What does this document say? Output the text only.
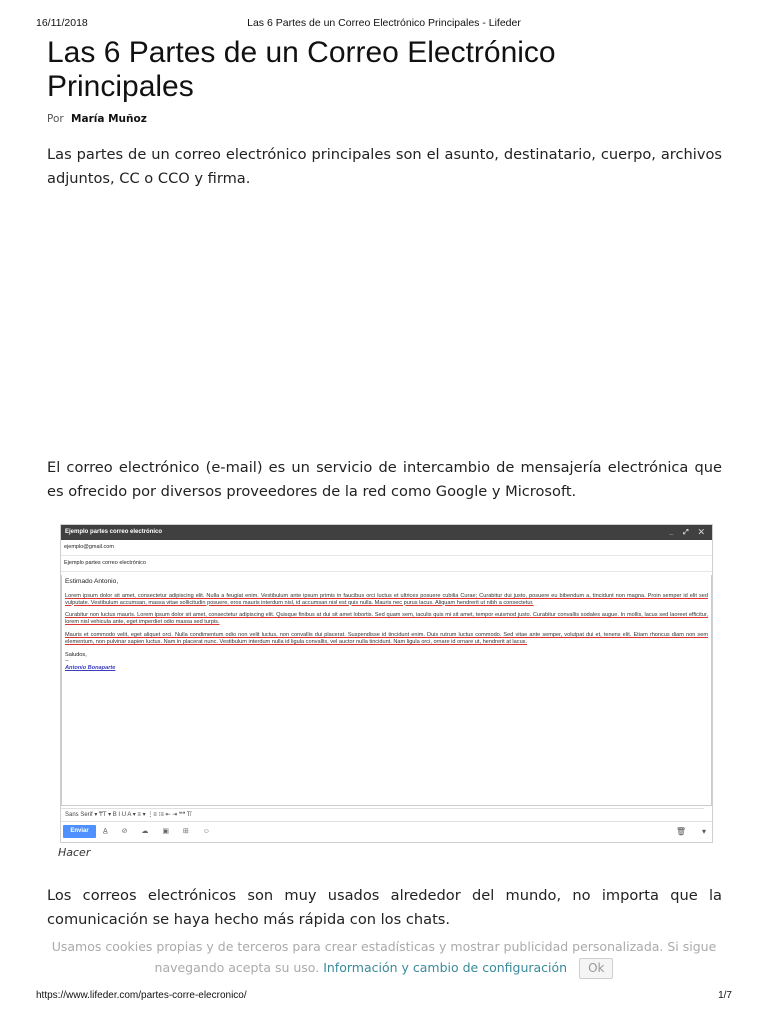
16/11/2018	Las 6 Partes de un Correo Electrónico Principales - Lifeder
Las 6 Partes de un Correo Electrónico Principales
Por María Muñoz

Las partes de un correo electrónico principales son el asunto, destinatario, cuerpo, archivos adjuntos, CC o CCO y firma.

El correo electrónico (e-mail) es un servicio de intercambio de mensajería electrónica que es ofrecido por diversos proveedores de la red como Google y Microsoft.

Ejemplo partes correo electrónico	_ ⤢ ✕
ejemplo@gmail.com
Ejemplo partes correo electrónico

Estimado Antonio,

Lorem ipsum dolor sit amet, consectetur adipiscing elit. Nulla a feugiat enim. Vestibulum ante ipsum primis in faucibus orci luctus et ultrices posuere cubilia Curae; Curabitur dui justo, posuere eu bibendum a, tincidunt non magna. Proin semper id elit sed vulputate. Vestibulum accumsan, massa vitae sollicitudin posuere, eros mauris interdum nisl, id accumsan nisl est quis nulla. Mauris nec purus lacus. Aliquam hendrerit ut nibh a consectetur.

Curabitur non luctus mauris. Lorem ipsum dolor sit amet, consectetur adipiscing elit. Quisque finibus at dui sit amet lobortis. Sed quam sem, iaculis quis mi sit amet, tempor euismod justo. Curabitur convallis sodales augue. In mollis, lacus sed laoreet efficitur, lorem nisl vehicula ante, eget imperdiet odio massa sed turpis.

Mauris et commodo velit, eget aliquet orci. Nulla condimentum odio non velit luctus, non convallis dui placerat. Suspendisse id tincidunt enim. Duis rutrum luctus commodo. Sed vitae ante semper, volutpat dui et, tenens elit. Etiam rhoncus diam non sem elementum, non pulvinar sapien luctus. Nam in placerat nunc. Vestibulum interdum nulla id ligula convallis, vel auctor nulla tincidunt. Nam ligula orci, ornare id ornare ut, hendrerit at lacus.

Saludos,

--

Antonio Bonaparte

Sans Serif ▾ ₸T ▾ B I U A ▾ ≡ ▾ ⋮≡ ⁝≡ ⇤ ⇥ ❝❝ T̸
Enviar	A̲ ⊘ ☁ ▣ ⊞ ☺	🗑 ▾
Hacer

Los correos electrónicos son muy usados alrededor del mundo, no importa que la comunicación se haya hecho más rápida con los chats.

Usamos cookies propias y de terceros para crear estadísticas y mostrar publicidad personalizada. Si sigue navegando acepta su uso. Información y cambio de configuración Ok
https://www.lifeder.com/partes-corre-elecronico/	1/7
